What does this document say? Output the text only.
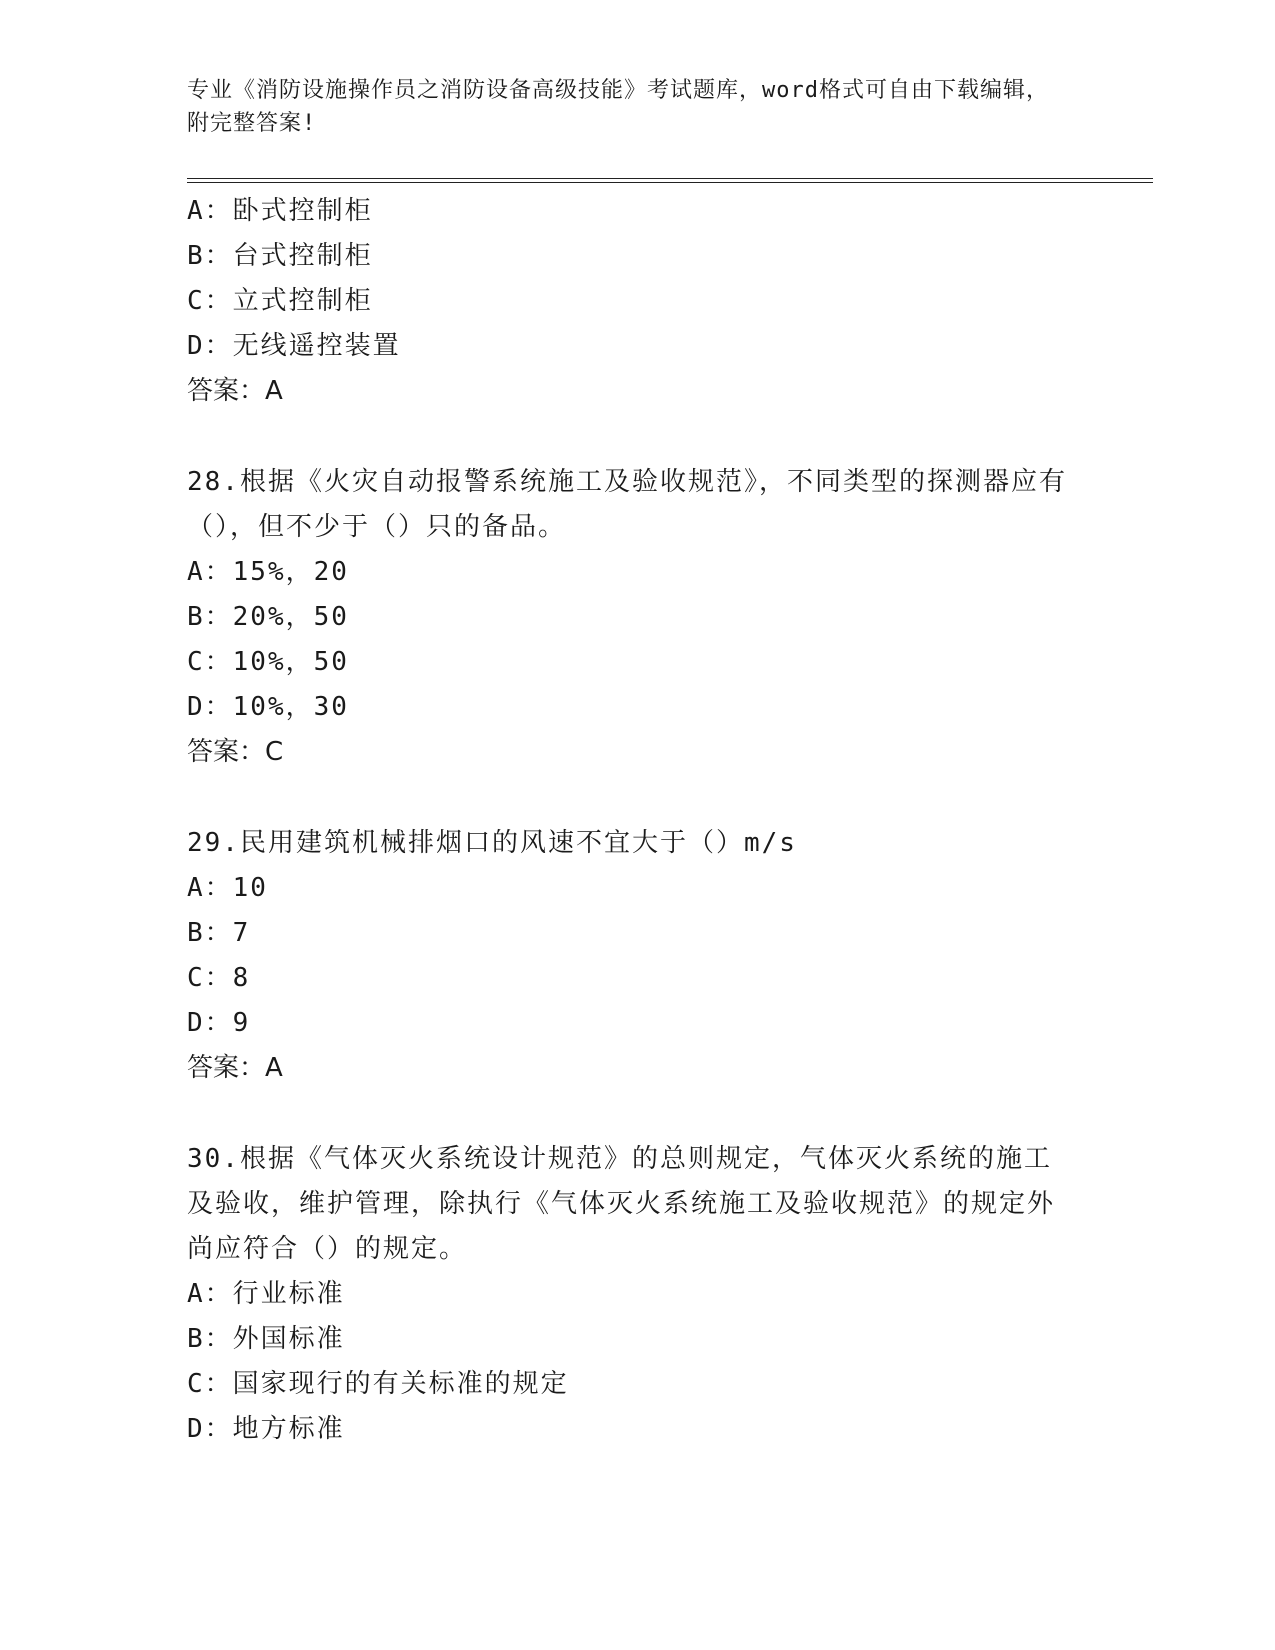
专业《消防设施操作员之消防设备高级技能》考试题库，word格式可自由下载编辑，附完整答案!
A：卧式控制柜
B：台式控制柜
C：立式控制柜
D：无线遥控装置
答案：A
28.根据《火灾自动报警系统施工及验收规范》，不同类型的探测器应有（），但不少于（）只的备品。
A：15%，20
B：20%，50
C：10%，50
D：10%，30
答案：C
29.民用建筑机械排烟口的风速不宜大于（）m/s
A：10
B：7
C：8
D：9
答案：A
30.根据《气体灭火系统设计规范》的总则规定，气体灭火系统的施工及验收，维护管理，除执行《气体灭火系统施工及验收规范》的规定外尚应符合（）的规定。
A：行业标准
B：外国标准
C：国家现行的有关标准的规定
D：地方标准
